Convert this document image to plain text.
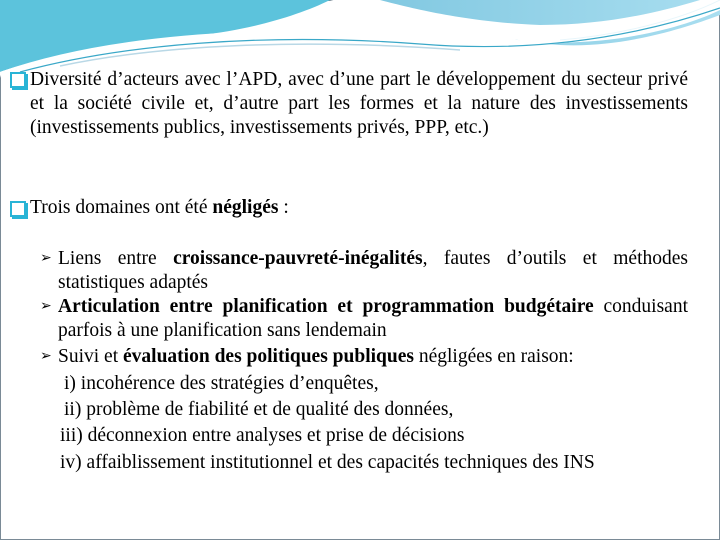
Diversité d’acteurs avec l’APD, avec d’une part le développement du secteur privé et la société civile et, d’autre part les formes et la nature des investissements (investissements publics, investissements privés, PPP, etc.)
Trois domaines ont été négligés :
➢ Liens entre croissance-pauvreté-inégalités, fautes d’outils et méthodes statistiques adaptés
➢ Articulation entre planification et programmation budgétaire conduisant parfois à une planification sans lendemain
➢ Suivi et évaluation des politiques publiques négligées en raison:
i) incohérence des stratégies d’enquêtes,
ii) problème de fiabilité et de qualité des données,
iii) déconnexion entre analyses et prise de décisions
iv) affaiblissement institutionnel et des capacités techniques des INS
